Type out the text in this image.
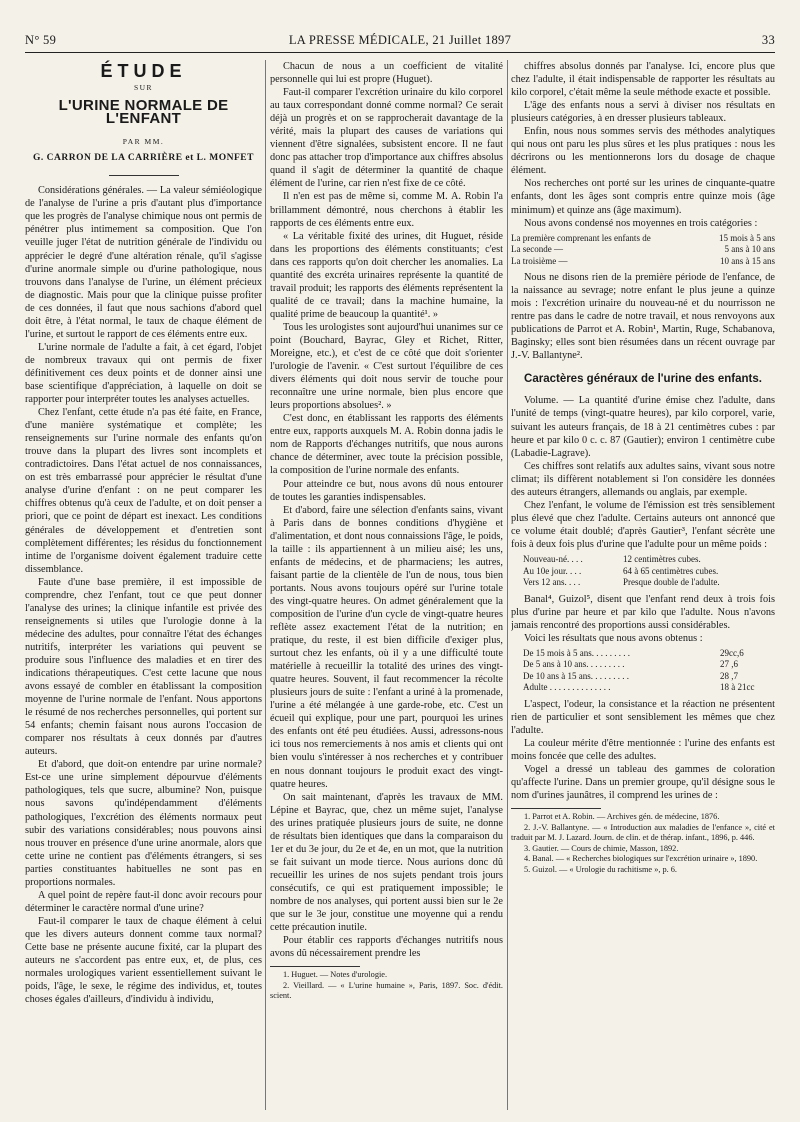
N° 59	LA PRESSE MÉDICALE, 21 Juillet 1897	33
ÉTUDE
SUR
L'URINE NORMALE DE L'ENFANT
PAR MM.
G. CARRON DE LA CARRIÈRE et L. MONFET

Considérations générales. — La valeur sémiéologique de l'analyse de l'urine a pris d'autant plus d'importance que les progrès de l'analyse chimique nous ont permis de pénétrer plus intimement sa composition. Que l'on veuille juger l'état de nutrition générale de l'individu ou apprécier le degré d'une altération rénale, qu'il s'agisse d'urine anormale simple ou d'urine pathologique, nous trouvons dans l'analyse de l'urine, un élément précieux de diagnostic. Mais pour que la clinique puisse profiter de ces données, il faut que nous sachions d'abord quel doit être, à l'état normal, le taux de chaque élément de l'urine, et surtout le rapport de ces éléments entre eux.

L'urine normale de l'adulte a fait, à cet égard, l'objet de nombreux travaux qui ont permis de fixer définitivement ces deux points et de donner ainsi une base scientifique d'appréciation, à laquelle on doit se rapporter pour interpréter toutes les analyses actuelles.

Chez l'enfant, cette étude n'a pas été faite, en France, d'une manière systématique et complète; les renseignements sur l'urine normale des enfants qu'on trouve dans la plupart des livres sont incomplets et contradictoires. Dans l'état actuel de nos connaissances, on est très embarrassé pour apprécier le résultat d'une analyse d'urine d'enfant : on ne peut comparer les chiffres obtenus qu'à ceux de l'adulte, et on doit penser a priori, que ce point de départ est inexact. Les conditions générales de développement et d'entretien sont complètement différentes; les résidus du fonctionnement intime de l'organisme doivent également traduire cette dissemblance.

Faute d'une base première, il est impossible de comprendre, chez l'enfant, tout ce que peut donner l'analyse des urines; la clinique infantile est privée des renseignements si utiles que l'urologie donne à la médecine des adultes, pour connaître l'état des échanges nutritifs, interpréter les variations qui peuvent se produire sous l'influence des maladies et en tirer des indications thérapeutiques. C'est cette lacune que nous avons essayé de combler en établissant la composition moyenne de l'urine normale de l'enfant. Nous apportons le résumé de nos recherches personnelles, qui portent sur 54 enfants; chemin faisant nous aurons l'occasion de comparer nos résultats à ceux donnés par d'autres auteurs.

Et d'abord, que doit-on entendre par urine normale? Est-ce une urine simplement dépourvue d'éléments pathologiques, tels que sucre, albumine? Non, puisque nous savons qu'indépendamment d'éléments pathologiques, l'excrétion des éléments normaux peut subir des variations considérables; nous pouvons ainsi nous trouver en présence d'une urine anormale, alors que cette urine ne contient pas d'éléments étrangers, si ses parties constituantes habituelles ne sont pas en proportions normales.

A quel point de repère faut-il donc avoir recours pour déterminer le caractère normal d'une urine?

Faut-il comparer le taux de chaque élément à celui que les divers auteurs donnent comme taux normal? Cette base ne présente aucune fixité, car la plupart des auteurs ne s'accordent pas entre eux, et, de plus, ces normales urologiques varient essentiellement suivant le poids, l'âge, le sexe, le régime des individus, et, toutes choses égales d'ailleurs, d'individu à individu,

Chacun de nous a un coefficient de vitalité personnelle qui lui est propre (Huguet).

Faut-il comparer l'excrétion urinaire du kilo corporel au taux correspondant donné comme normal? Ce serait déjà un progrès et on se rapprocherait davantage de la vérité, mais la plupart des causes de variations qui viennent d'être signalées, subsistent encore. Il ne faut donc pas attacher trop d'importance aux chiffres absolus quand il s'agit de déterminer la quantité de chaque élément de l'urine, car rien n'est fixe de ce côté.

Il n'en est pas de même si, comme M. A. Robin l'a brillamment démontré, nous cherchons à établir les rapports de ces éléments entre eux.

« La véritable fixité des urines, dit Huguet, réside dans les proportions des éléments constituants; c'est dans ces rapports qu'on doit chercher les anomalies. La quantité des excréta urinaires représente la quantité de travail produit; les rapports des éléments représentent la qualité de ce travail; dans la machine humaine, la qualité prime de beaucoup la quantité¹. »

Tous les urologistes sont aujourd'hui unanimes sur ce point (Bouchard, Bayrac, Gley et Richet, Ritter, Moreigne, etc.), et c'est de ce côté que doit s'orienter l'urologie de l'avenir. « C'est surtout l'équilibre de ces divers éléments qui doit nous servir de touche pour reconnaître une urine normale, bien plus encore que leurs proportions absolues². »

C'est donc, en établissant les rapports des éléments entre eux, rapports auxquels M. A. Robin donna jadis le nom de Rapports d'échanges nutritifs, que nous aurons chance de déterminer, avec toute la précision possible, la composition de l'urine normale des enfants.

Pour atteindre ce but, nous avons dû nous entourer de toutes les garanties indispensables.

Et d'abord, faire une sélection d'enfants sains, vivant à Paris dans de bonnes conditions d'hygiène et d'alimentation, et dont nous connaissions l'âge, le poids, la taille : ils appartiennent à un milieu aisé; les uns, enfants de médecins, et de pharmaciens; les autres, faisant partie de la clientèle de l'un de nous, tous bien portants. Nous avons toujours opéré sur l'urine totale des vingt-quatre heures. On admet généralement que la composition de l'urine d'un cycle de vingt-quatre heures reflète assez exactement l'état de la nutrition; en pratique, du reste, il est bien difficile d'exiger plus, surtout chez les enfants, où il y a une difficulté toute matérielle à recueillir la totalité des urines des vingt-quatre heures. Souvent, il faut recommencer la récolte plusieurs jours de suite : l'enfant a uriné à la promenade, l'urine a été mélangée à une garde-robe, etc. C'est un écueil qui explique, pour une part, pourquoi les urines des enfants ont été peu étudiées. Aussi, adressons-nous ici tous nos remerciements à nos amis et clients qui ont bien voulu s'intéresser à nos recherches et y contribuer en nous donnant toujours le produit exact des vingt-quatre heures.

On sait maintenant, d'après les travaux de MM. Lépine et Bayrac, que, chez un même sujet, l'analyse des urines pratiquée plusieurs jours de suite, ne donne de résultats bien identiques que dans la comparaison du 1er et du 3e jour, du 2e et 4e, en un mot, que la nutrition se fait suivant un mode tierce. Nous aurions donc dû recueillir les urines de nos sujets pendant trois jours consécutifs, ce qui est pratiquement impossible; le nombre de nos analyses, qui portent aussi bien sur le 2e que sur le 3e jour, constitue une moyenne qui a rendu cette précaution inutile.

Pour établir ces rapports d'échanges nutritifs nous avons dû nécessairement prendre les

1. Huguet. — Notes d'urologie.

2. Vieillard. — « L'urine humaine », Paris, 1897. Soc. d'édit. scient.

chiffres absolus donnés par l'analyse. Ici, encore plus que chez l'adulte, il était indispensable de rapporter les résultats au kilo corporel, c'était même la seule méthode exacte et possible.

L'âge des enfants nous a servi à diviser nos résultats en plusieurs catégories, à en dresser plusieurs tableaux.

Enfin, nous nous sommes servis des méthodes analytiques qui nous ont paru les plus sûres et les plus pratiques : nous les décrirons ou les mentionnerons lors du dosage de chaque élément.

Nos recherches ont porté sur les urines de cinquante-quatre enfants, dont les âges sont compris entre quinze mois (âge minimum) et quinze ans (âge maximum).

Nous avons condensé nos moyennes en trois catégories :

La première comprenant les enfants de	15 mois à 5 ans
La seconde —	5 ans à 10 ans
La troisième —	10 ans à 15 ans

Nous ne disons rien de la première période de l'enfance, de la naissance au sevrage; notre enfant le plus jeune a quinze mois : l'excrétion urinaire du nouveau-né et du nourrisson ne rentre pas dans le cadre de notre travail, et nous renvoyons aux publications de Parrot et A. Robin¹, Martin, Ruge, Schabanova, Baginsky; elles sont bien résumées dans un récent ouvrage par J.-V. Ballantyne².

Caractères généraux de l'urine des enfants.

Volume. — La quantité d'urine émise chez l'adulte, dans l'unité de temps (vingt-quatre heures), par kilo corporel, varie, suivant les auteurs français, de 18 à 21 centimètres cubes : par heure et par kilo 0 c. c. 87 (Gautier); environ 1 centimètre cube (Labadie-Lagrave).

Ces chiffres sont relatifs aux adultes sains, vivant sous notre climat; ils diffèrent notablement si l'on considère les données des auteurs étrangers, allemands ou anglais, par exemple.

Chez l'enfant, le volume de l'émission est très sensiblement plus élevé que chez l'adulte. Certains auteurs ont annoncé que ce volume était doublé; d'après Gautier³, l'enfant sécrète une fois à deux fois plus d'urine que l'adulte pour un même poids :

Nouveau-né. . . .	12 centimètres cubes.
Au 10e jour. . . .	64 à 65 centimètres cubes.
Vers 12 ans. . . .	Presque double de l'adulte.

Banal⁴, Guizol⁵, disent que l'enfant rend deux à trois fois plus d'urine par heure et par kilo que l'adulte. Nous n'avons jamais rencontré des proportions aussi considérables.

Voici les résultats que nous avons obtenus :

De 15 mois à 5 ans. . . . . . . . .	29cc,6
De 5 ans à 10 ans. . . . . . . . .	27 ,6
De 10 ans à 15 ans. . . . . . . . .	28 ,7
Adulte . . . . . . . . . . . . . .	18 à 21cc

L'aspect, l'odeur, la consistance et la réaction ne présentent rien de particulier et sont sensiblement les mêmes que chez l'adulte.

La couleur mérite d'être mentionnée : l'urine des enfants est moins foncée que celle des adultes.

Vogel a dressé un tableau des gammes de coloration qu'affecte l'urine. Dans un premier groupe, qu'il désigne sous le nom d'urines jaunâtres, il comprend les urines de :

1. Parrot et A. Robin. — Archives gén. de médecine, 1876.

2. J.-V. Ballantyne. — « Introduction aux maladies de l'enfance », cité et traduit par M. J. Lazard. Journ. de clin. et de thérap. infant., 1896, p. 446.

3. Gautier. — Cours de chimie, Masson, 1892.

4. Banal. — « Recherches biologiques sur l'excrétion urinaire », 1890.

5. Guizol. — « Urologie du rachitisme », p. 6.
